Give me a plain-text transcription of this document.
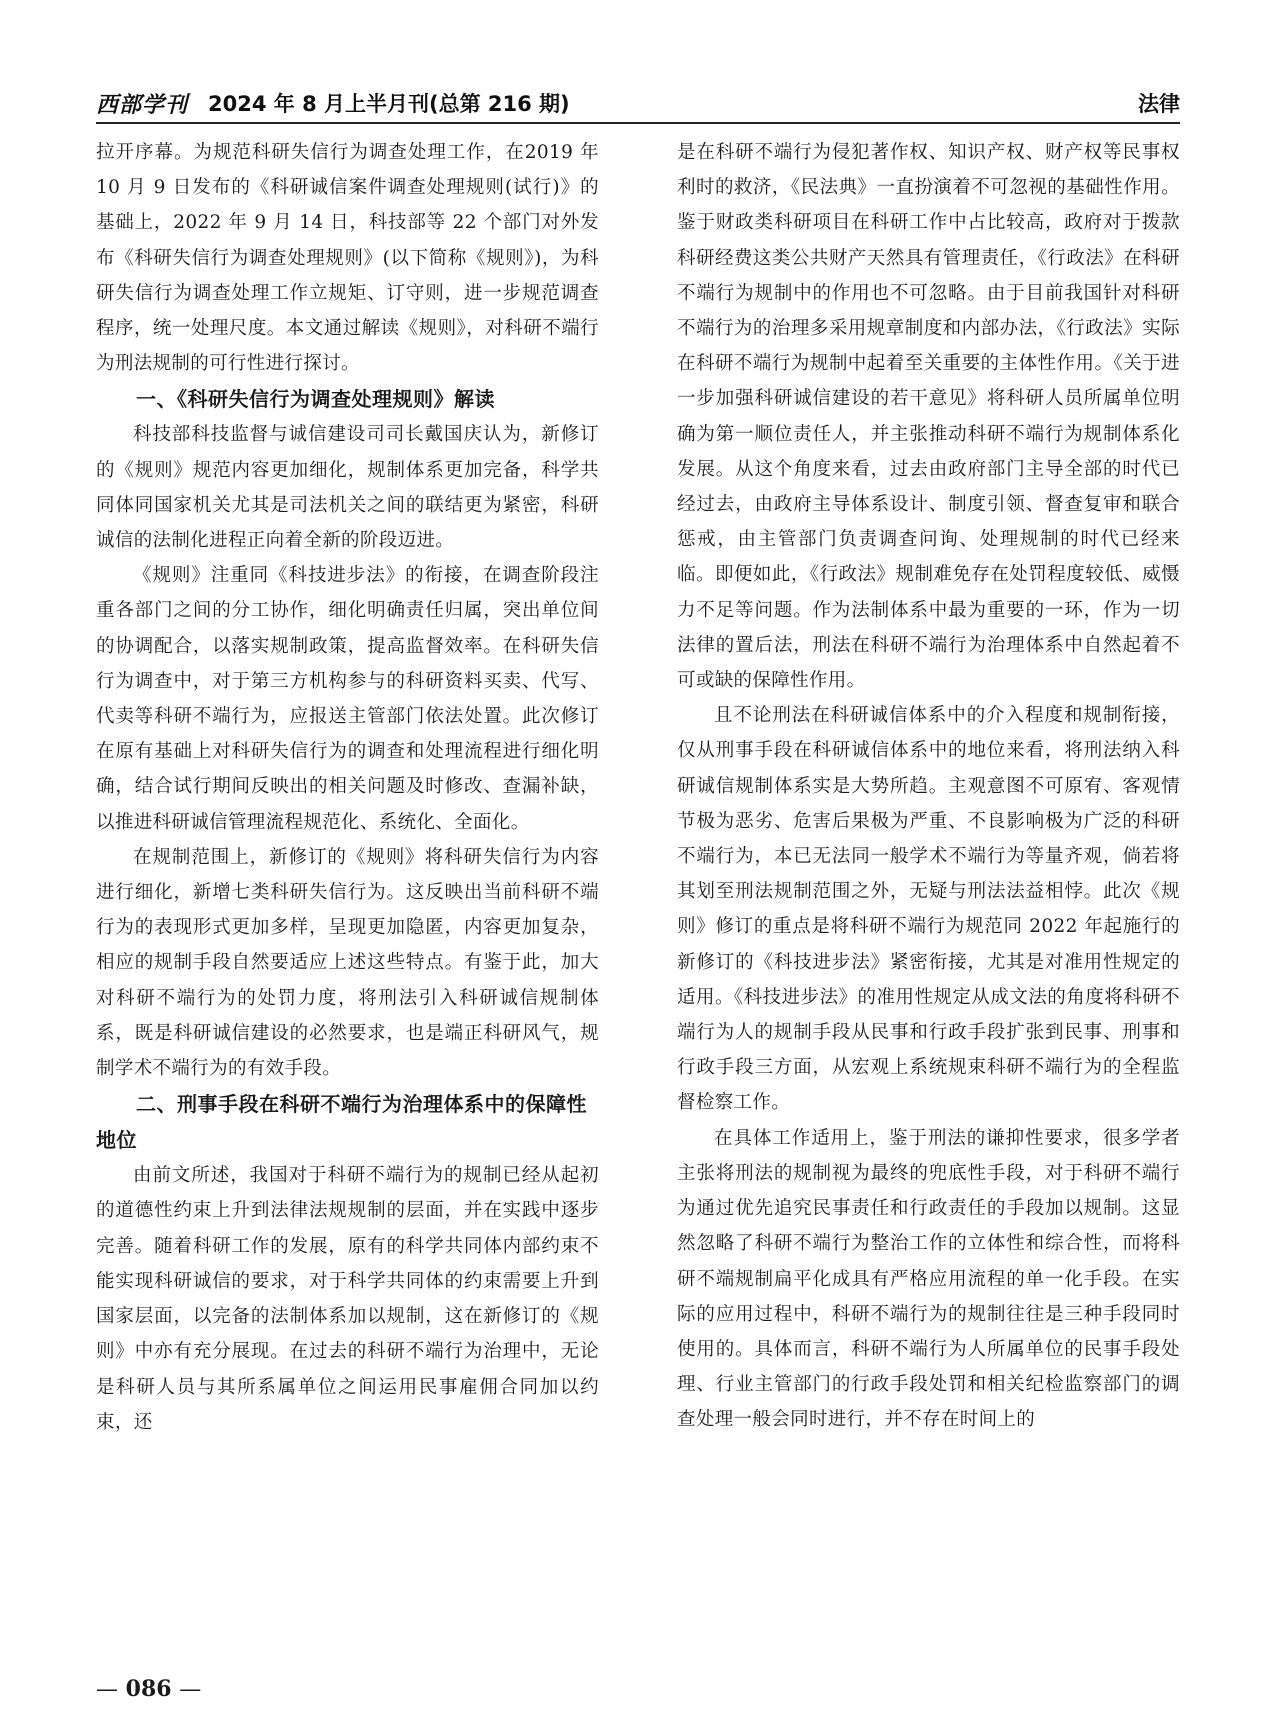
西部学刊 2024 年 8 月上半月刊(总第 216 期)	法律

拉开序幕。为规范科研失信行为调查处理工作，在2019 年 10 月 9 日发布的《科研诚信案件调查处理规则(试行)》的基础上，2022 年 9 月 14 日，科技部等 22 个部门对外发布《科研失信行为调查处理规则》(以下简称《规则》)，为科研失信行为调查处理工作立规矩、订守则，进一步规范调查程序，统一处理尺度。本文通过解读《规则》，对科研不端行为刑法规制的可行性进行探讨。

一、《科研失信行为调查处理规则》解读

科技部科技监督与诚信建设司司长戴国庆认为，新修订的《规则》规范内容更加细化，规制体系更加完备，科学共同体同国家机关尤其是司法机关之间的联结更为紧密，科研诚信的法制化进程正向着全新的阶段迈进。

《规则》注重同《科技进步法》的衔接，在调查阶段注重各部门之间的分工协作，细化明确责任归属，突出单位间的协调配合，以落实规制政策，提高监督效率。在科研失信行为调查中，对于第三方机构参与的科研资料买卖、代写、代卖等科研不端行为，应报送主管部门依法处置。此次修订在原有基础上对科研失信行为的调查和处理流程进行细化明确，结合试行期间反映出的相关问题及时修改、查漏补缺，以推进科研诚信管理流程规范化、系统化、全面化。

在规制范围上，新修订的《规则》将科研失信行为内容进行细化，新增七类科研失信行为。这反映出当前科研不端行为的表现形式更加多样，呈现更加隐匿，内容更加复杂，相应的规制手段自然要适应上述这些特点。有鉴于此，加大对科研不端行为的处罚力度，将刑法引入科研诚信规制体系，既是科研诚信建设的必然要求，也是端正科研风气，规制学术不端行为的有效手段。

二、刑事手段在科研不端行为治理体系中的保障性地位

由前文所述，我国对于科研不端行为的规制已经从起初的道德性约束上升到法律法规规制的层面，并在实践中逐步完善。随着科研工作的发展，原有的科学共同体内部约束不能实现科研诚信的要求，对于科学共同体的约束需要上升到国家层面，以完备的法制体系加以规制，这在新修订的《规则》中亦有充分展现。在过去的科研不端行为治理中，无论是科研人员与其所系属单位之间运用民事雇佣合同加以约束，还

是在科研不端行为侵犯著作权、知识产权、财产权等民事权利时的救济，《民法典》一直扮演着不可忽视的基础性作用。鉴于财政类科研项目在科研工作中占比较高，政府对于拨款科研经费这类公共财产天然具有管理责任，《行政法》在科研不端行为规制中的作用也不可忽略。由于目前我国针对科研不端行为的治理多采用规章制度和内部办法，《行政法》实际在科研不端行为规制中起着至关重要的主体性作用。《关于进一步加强科研诚信建设的若干意见》将科研人员所属单位明确为第一顺位责任人，并主张推动科研不端行为规制体系化发展。从这个角度来看，过去由政府部门主导全部的时代已经过去，由政府主导体系设计、制度引领、督查复审和联合惩戒，由主管部门负责调查问询、处理规制的时代已经来临。即便如此，《行政法》规制难免存在处罚程度较低、威慑力不足等问题。作为法制体系中最为重要的一环，作为一切法律的置后法，刑法在科研不端行为治理体系中自然起着不可或缺的保障性作用。

且不论刑法在科研诚信体系中的介入程度和规制衔接，仅从刑事手段在科研诚信体系中的地位来看，将刑法纳入科研诚信规制体系实是大势所趋。主观意图不可原宥、客观情节极为恶劣、危害后果极为严重、不良影响极为广泛的科研不端行为，本已无法同一般学术不端行为等量齐观，倘若将其划至刑法规制范围之外，无疑与刑法法益相悖。此次《规则》修订的重点是将科研不端行为规范同 2022 年起施行的新修订的《科技进步法》紧密衔接，尤其是对准用性规定的适用。《科技进步法》的准用性规定从成文法的角度将科研不端行为人的规制手段从民事和行政手段扩张到民事、刑事和行政手段三方面，从宏观上系统规束科研不端行为的全程监督检察工作。

在具体工作适用上，鉴于刑法的谦抑性要求，很多学者主张将刑法的规制视为最终的兜底性手段，对于科研不端行为通过优先追究民事责任和行政责任的手段加以规制。这显然忽略了科研不端行为整治工作的立体性和综合性，而将科研不端规制扁平化成具有严格应用流程的单一化手段。在实际的应用过程中，科研不端行为的规制往往是三种手段同时使用的。具体而言，科研不端行为人所属单位的民事手段处理、行业主管部门的行政手段处罚和相关纪检监察部门的调查处理一般会同时进行，并不存在时间上的

— 086 —
